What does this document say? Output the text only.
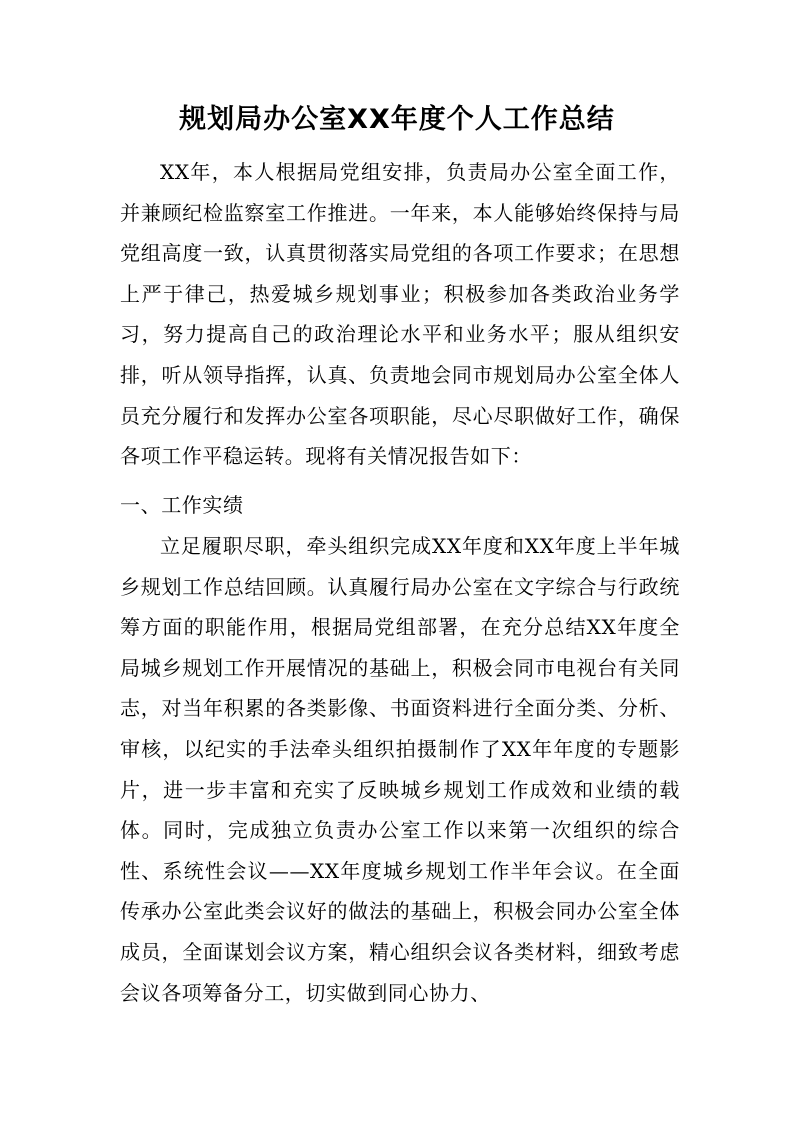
规划局办公室XX年度个人工作总结

XX年，本人根据局党组安排，负责局办公室全面工作，并兼顾纪检监察室工作推进。一年来，本人能够始终保持与局党组高度一致，认真贯彻落实局党组的各项工作要求；在思想上严于律己，热爱城乡规划事业；积极参加各类政治业务学习，努力提高自己的政治理论水平和业务水平；服从组织安排，听从领导指挥，认真、负责地会同市规划局办公室全体人员充分履行和发挥办公室各项职能，尽心尽职做好工作，确保各项工作平稳运转。现将有关情况报告如下：

一、工作实绩

立足履职尽职，牵头组织完成XX年度和XX年度上半年城乡规划工作总结回顾。认真履行局办公室在文字综合与行政统筹方面的职能作用，根据局党组部署，在充分总结XX年度全局城乡规划工作开展情况的基础上，积极会同市电视台有关同志，对当年积累的各类影像、书面资料进行全面分类、分析、审核，以纪实的手法牵头组织拍摄制作了XX年年度的专题影片，进一步丰富和充实了反映城乡规划工作成效和业绩的载体。同时，完成独立负责办公室工作以来第一次组织的综合性、系统性会议——XX年度城乡规划工作半年会议。在全面传承办公室此类会议好的做法的基础上，积极会同办公室全体成员，全面谋划会议方案，精心组织会议各类材料，细致考虑会议各项筹备分工，切实做到同心协力、
